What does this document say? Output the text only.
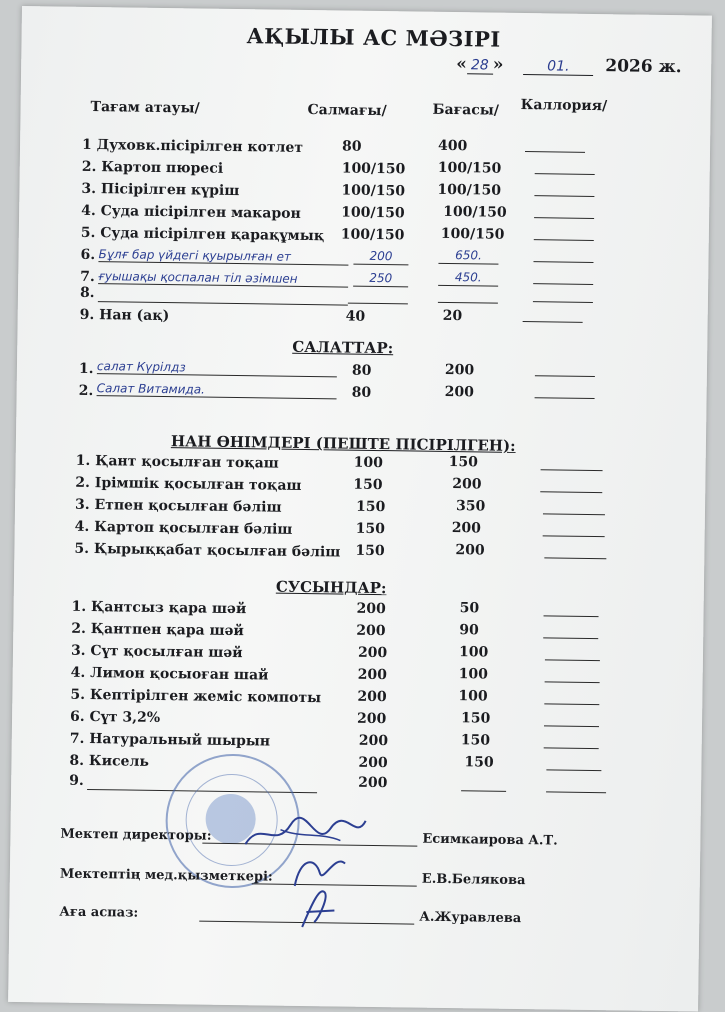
АҚЫЛЫ АС МӘЗІРІ
« 28 »	01. 2026 ж.
Тағам атауы/	Салмағы/	Бағасы/ Каллория/
1 Духовк.пісірілген котлет	80	400
2. Картоп пюресі	100/150 100/150
3. Пісірілген күріш	100/150 100/150
4. Суда пісірілген макарон	100/150	100/150
5. Суда пісірілген қарақұмық 100/150	100/150
6. Бұлғ бар үйдегі қуырылған ет	200	650.
7. ғуышақы қоспалан тіл әзімшен	250	450.
8.
9. Нан (ақ)	40	20
САЛАТТАР:
1. салат Күрілдз	80	200
2. Салат Витамида.	80	200
НАН ӨНІМДЕРІ (ПЕШТЕ ПІСІРІЛГЕН):
1. Қант қосылған тоқаш	100	150
2. Ірімшік қосылған тоқаш	150	200
3. Етпен қосылған бәліш	150	350
4. Картоп қосылған бәліш	150	200
5. Қырыққабат қосылған бәліш 150	200
СУСЫНДАР:
1. Қантсыз қара шәй	200	50
2. Қантпен қара шәй	200	90
3. Сүт қосылған шәй	200	100
4. Лимон қосыоған шай	200	100
5. Кептірілген жеміс компоты	200	100
6. Сүт 3,2%	200	150
7. Натуральный шырын	200	150
8. Кисель	200	150
9.	200
Мектеп директоры:	Есимкаирова А.Т.
Мектептің мед.қызметкері:	Е.В.Белякова
Аға аспаз:	А.Журавлева
